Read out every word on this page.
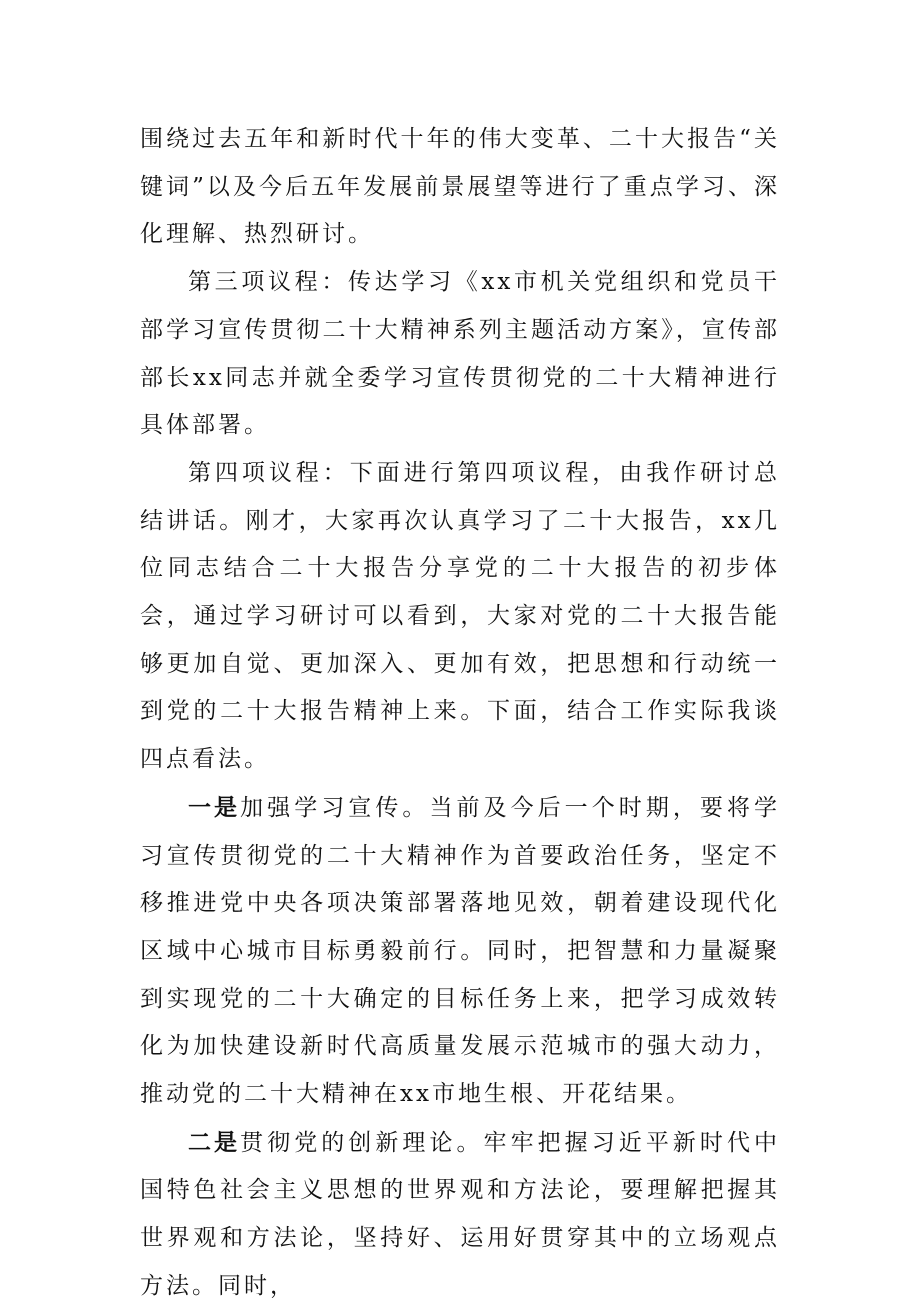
围绕过去五年和新时代十年的伟大变革、二十大报告“关键词”以及今后五年发展前景展望等进行了重点学习、深化理解、热烈研讨。

第三项议程：传达学习《xx市机关党组织和党员干部学习宣传贯彻二十大精神系列主题活动方案》，宣传部部长xx同志并就全委学习宣传贯彻党的二十大精神进行具体部署。

第四项议程：下面进行第四项议程，由我作研讨总结讲话。刚才，大家再次认真学习了二十大报告，xx几位同志结合二十大报告分享党的二十大报告的初步体会，通过学习研讨可以看到，大家对党的二十大报告能够更加自觉、更加深入、更加有效，把思想和行动统一到党的二十大报告精神上来。下面，结合工作实际我谈四点看法。

一是加强学习宣传。当前及今后一个时期，要将学习宣传贯彻党的二十大精神作为首要政治任务，坚定不移推进党中央各项决策部署落地见效，朝着建设现代化区域中心城市目标勇毅前行。同时，把智慧和力量凝聚到实现党的二十大确定的目标任务上来，把学习成效转化为加快建设新时代高质量发展示范城市的强大动力，推动党的二十大精神在xx市地生根、开花结果。

二是贯彻党的创新理论。牢牢把握习近平新时代中国特色社会主义思想的世界观和方法论，要理解把握其世界观和方法论，坚持好、运用好贯穿其中的立场观点方法。同时，
